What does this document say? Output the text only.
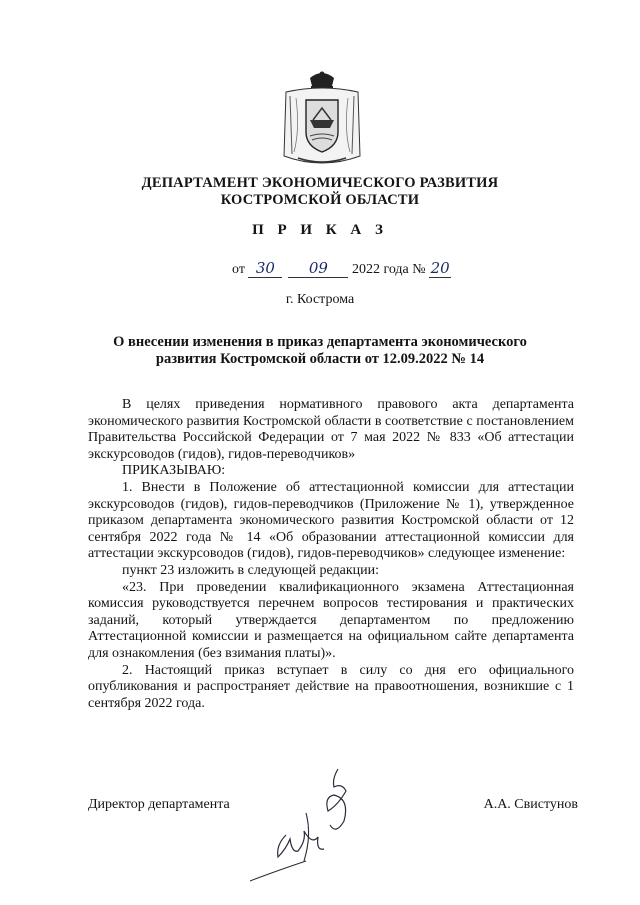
ДЕПАРТАМЕНТ ЭКОНОМИЧЕСКОГО РАЗВИТИЯ
КОСТРОМСКОЙ ОБЛАСТИ
П Р И К А З
от 30 09 2022 года № 20
г. Кострома
О внесении изменения в приказ департамента экономического
развития Костромской области от 12.09.2022 № 14

В целях приведения нормативного правового акта департамента экономического развития Костромской области в соответствие с постановлением Правительства Российской Федерации от 7 мая 2022 № 833 «Об аттестации экскурсоводов (гидов), гидов-переводчиков»

ПРИКАЗЫВАЮ:

1. Внести в Положение об аттестационной комиссии для аттестации экскурсоводов (гидов), гидов-переводчиков (Приложение № 1), утвержденное приказом департамента экономического развития Костромской области от 12 сентября 2022 года № 14 «Об образовании аттестационной комиссии для аттестации экскурсоводов (гидов), гидов-переводчиков» следующее изменение:

пункт 23 изложить в следующей редакции:

«23. При проведении квалификационного экзамена Аттестационная комиссия руководствуется перечнем вопросов тестирования и практических заданий, который утверждается департаментом по предложению Аттестационной комиссии и размещается на официальном сайте департамента для ознакомления (без взимания платы)».

2. Настоящий приказ вступает в силу со дня его официального опубликования и распространяет действие на правоотношения, возникшие с 1 сентября 2022 года.

Директор департамента	А.А. Свистунов
